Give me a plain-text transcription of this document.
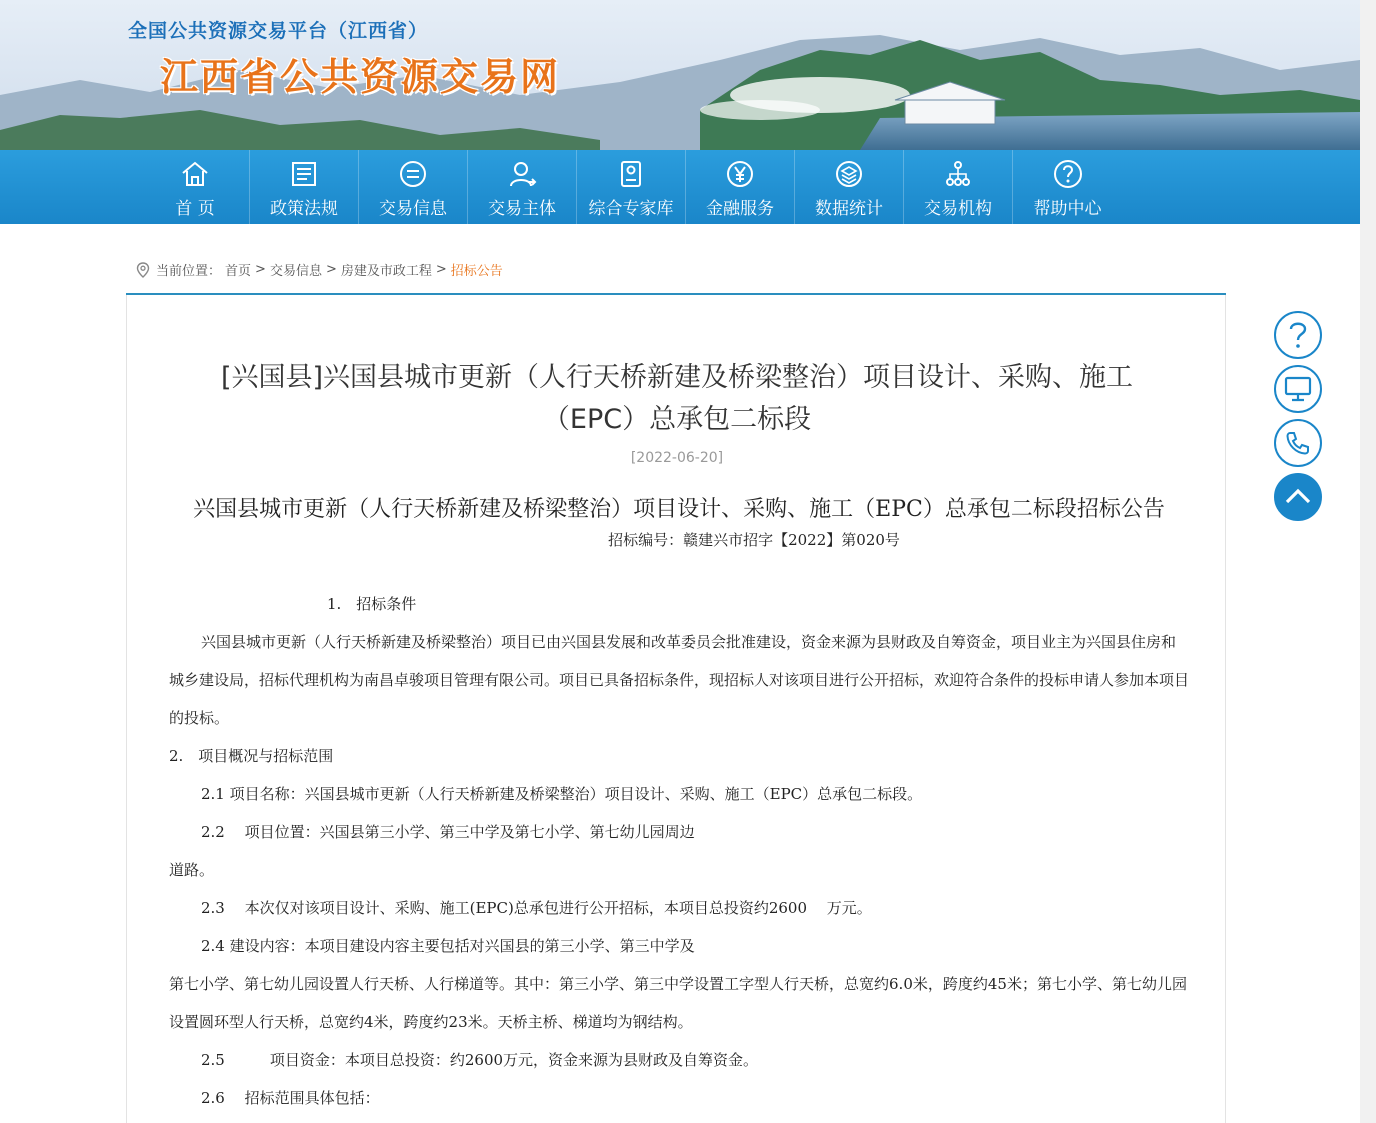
全国公共资源交易平台（江西省）
江西省公共资源交易网
首 页	政策法规	交易信息	交易主体	综合专家库	金融服务	数据统计	交易机构	帮助中心
当前位置： 首页 > 交易信息 > 房建及市政工程 > 招标公告
[兴国县]兴国县城市更新（人行天桥新建及桥梁整治）项目设计、采购、施工（EPC）总承包二标段
[2022-06-20]
兴国县城市更新（人行天桥新建及桥梁整治）项目设计、采购、施工（EPC）总承包二标段招标公告
招标编号：赣建兴市招字【2022】第020号
1.　招标条件

兴国县城市更新（人行天桥新建及桥梁整治）项目已由兴国县发展和改革委员会批准建设，资金来源为县财政及自筹资金，项目业主为兴国县住房和城乡建设局，招标代理机构为南昌卓骏项目管理有限公司。项目已具备招标条件，现招标人对该项目进行公开招标，欢迎符合条件的投标申请人参加本项目的投标。

2.　项目概况与招标范围

2.1 项目名称：兴国县城市更新（人行天桥新建及桥梁整治）项目设计、采购、施工（EPC）总承包二标段。

2.2　 项目位置：兴国县第三小学、第三中学及第七小学、第七幼儿园周边

道路。

2.3　 本次仅对该项目设计、采购、施工(EPC)总承包进行公开招标，本项目总投资约2600　 万元。

2.4 建设内容：本项目建设内容主要包括对兴国县的第三小学、第三中学及

第七小学、第七幼儿园设置人行天桥、人行梯道等。其中：第三小学、第三中学设置工字型人行天桥，总宽约6.0米，跨度约45米；第七小学、第七幼儿园设置圆环型人行天桥，总宽约4米，跨度约23米。天桥主桥、梯道均为钢结构。

2.5　　　项目资金：本项目总投资：约2600万元，资金来源为县财政及自筹资金。

2.6　 招标范围具体包括：
